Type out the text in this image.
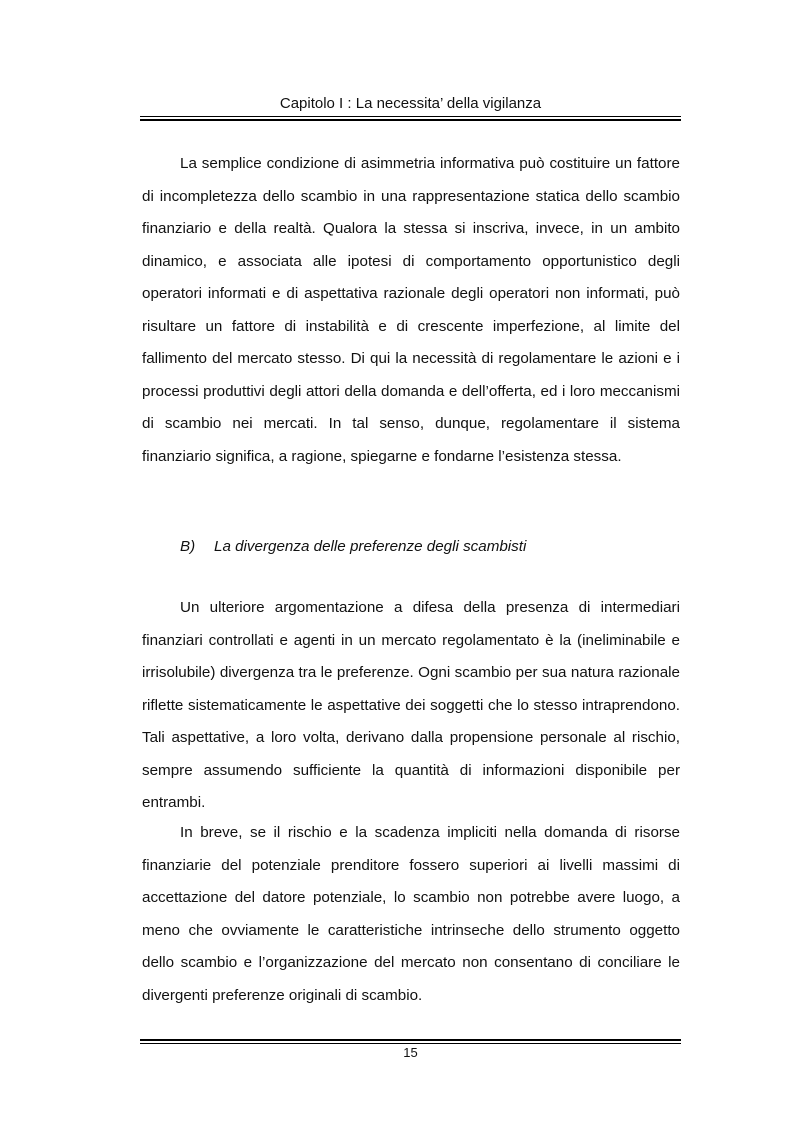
Capitolo I : La necessita’ della vigilanza

La semplice condizione di asimmetria informativa può costituire un fattore di incompletezza dello scambio in una rappresentazione statica dello scambio finanziario e della realtà. Qualora la stessa si inscriva, invece, in un ambito dinamico, e associata alle ipotesi di comportamento opportunistico degli operatori informati e di aspettativa razionale degli operatori non informati, può risultare un fattore di instabilità e di crescente imperfezione, al limite del fallimento del mercato stesso. Di qui la necessità di regolamentare le azioni e i processi produttivi degli attori della domanda e dell’offerta, ed i loro meccanismi di scambio nei mercati. In tal senso, dunque, regolamentare il sistema finanziario significa, a ragione, spiegarne e fondarne l’esistenza stessa.

B) La divergenza delle preferenze degli scambisti

Un ulteriore argomentazione a difesa della presenza di intermediari finanziari controllati e agenti in un mercato regolamentato è la (ineliminabile e irrisolubile) divergenza tra le preferenze. Ogni scambio per sua natura razionale riflette sistematicamente le aspettative dei soggetti che lo stesso intraprendono. Tali aspettative, a loro volta, derivano dalla propensione personale al rischio, sempre assumendo sufficiente la quantità di informazioni disponibile per entrambi.

In breve, se il rischio e la scadenza impliciti nella domanda di risorse finanziarie del potenziale prenditore fossero superiori ai livelli massimi di accettazione del datore potenziale, lo scambio non potrebbe avere luogo, a meno che ovviamente le caratteristiche intrinseche dello strumento oggetto dello scambio e l’organizzazione del mercato non consentano di conciliare le divergenti preferenze originali di scambio.

15
